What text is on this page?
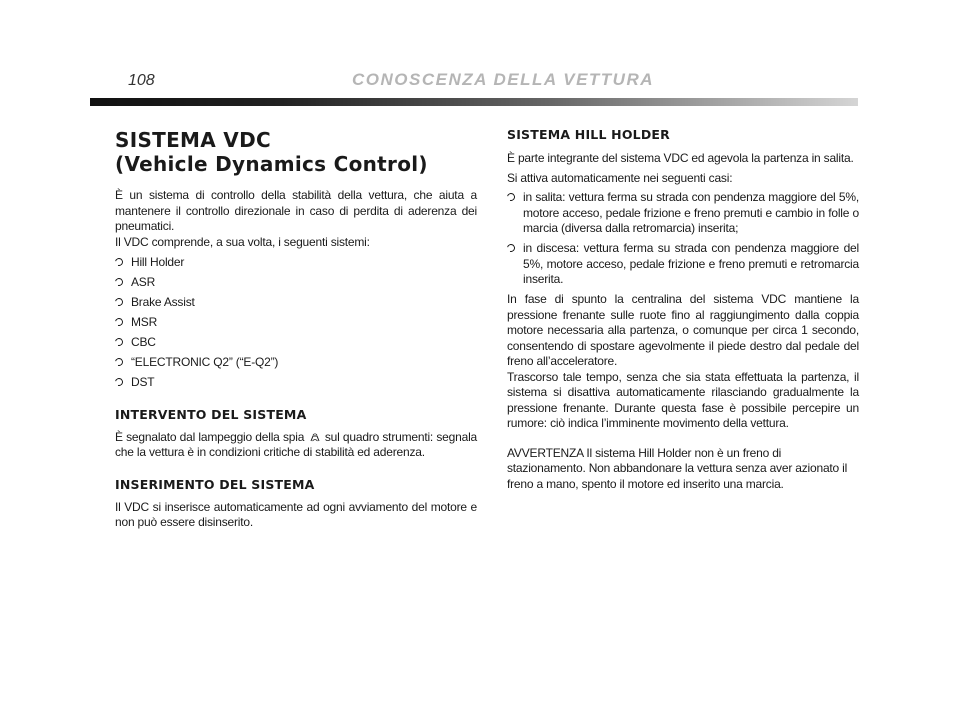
108	CONOSCENZA DELLA VETTURA
SISTEMA VDC
(Vehicle Dynamics Control)

È un sistema di controllo della stabilità della vettura, che aiuta a mantenere il controllo direzionale in caso di perdita di aderenza dei pneumatici.

Il VDC comprende, a sua volta, i seguenti sistemi:

Hill Holder
ASR
Brake Assist
MSR
CBC
“ELECTRONIC Q2” (“E-Q2”)
DST
INTERVENTO DEL SISTEMA

È segnalato dal lampeggio della spia sul quadro strumenti: segnala che la vettura è in condizioni critiche di stabilità ed aderenza.

INSERIMENTO DEL SISTEMA

Il VDC si inserisce automaticamente ad ogni avviamento del motore e non può essere disinserito.

SISTEMA HILL HOLDER

È parte integrante del sistema VDC ed agevola la partenza in salita.

Si attiva automaticamente nei seguenti casi:

in salita: vettura ferma su strada con pendenza maggiore del 5%, motore acceso, pedale frizione e freno premuti e cambio in folle o marcia (diversa dalla retromarcia) inserita;
in discesa: vettura ferma su strada con pendenza maggiore del 5%, motore acceso, pedale frizione e freno premuti e retromarcia inserita.

In fase di spunto la centralina del sistema VDC mantiene la pressione frenante sulle ruote fino al raggiungimento dalla coppia motore necessaria alla partenza, o comunque per circa 1 secondo, consentendo di spostare agevolmente il piede destro dal pedale del freno all’acceleratore.

Trascorso tale tempo, senza che sia stata effettuata la partenza, il sistema si disattiva automaticamente rilasciando gradualmente la pressione frenante. Durante questa fase è possibile percepire un rumore: ciò indica l’imminente movimento della vettura.

AVVERTENZA Il sistema Hill Holder non è un freno di stazionamento. Non abbandonare la vettura senza aver azionato il freno a mano, spento il motore ed inserito una marcia.
